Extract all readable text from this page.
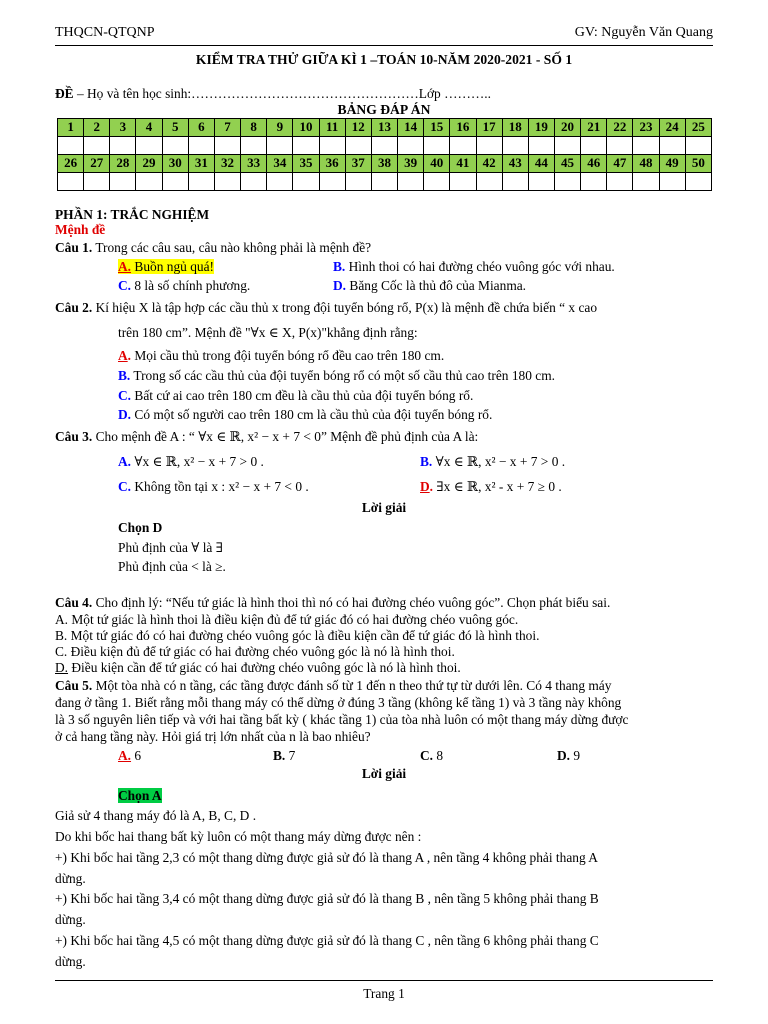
THQCN-QTQNP	GV: Nguyễn Văn Quang
KIỂM TRA THỬ GIỮA KÌ 1 –TOÁN 10-NĂM 2020-2021 - SỐ 1
ĐỀ – Họ và tên học sinh:……………………………………………Lớp ………..
BẢNG ĐÁP ÁN
1	2	3	4	5	6	7	8	9	10	11	12	13	14	15	16	17	18	19	20	21	22	23	24	25

26	27	28	29	30	31	32	33	34	35	36	37	38	39	40	41	42	43	44	45	46	47	48	49	50

PHẦN 1: TRẮC NGHIỆM
Mệnh đề
Câu 1. Trong các câu sau, câu nào không phải là mệnh đề?
A. Buồn ngủ quá!	B. Hình thoi có hai đường chéo vuông góc với nhau.
C. 8 là số chính phương.	D. Băng Cốc là thủ đô của Mianma.
Câu 2. Kí hiệu X là tập hợp các cầu thủ x trong đội tuyển bóng rổ, P(x) là mệnh đề chứa biến “ x cao
trên 180 cm”. Mệnh đề "∀x ∈ X, P(x)"khẳng định rằng:
A. Mọi cầu thủ trong đội tuyển bóng rổ đều cao trên 180 cm.
B. Trong số các cầu thủ của đội tuyển bóng rổ có một số cầu thủ cao trên 180 cm.
C. Bất cứ ai cao trên 180 cm đều là cầu thủ của đội tuyển bóng rổ.
D. Có một số người cao trên 180 cm là cầu thủ của đội tuyển bóng rổ.
Câu 3. Cho mệnh đề A : “ ∀x ∈ ℝ, x² − x + 7 < 0” Mệnh đề phủ định của A là:
A. ∀x ∈ ℝ, x² − x + 7 > 0 .	B. ∀x ∈ ℝ, x² − x + 7 > 0 .
C. Không tồn tại x : x² − x + 7 < 0 .	D. ∃x ∈ ℝ, x² - x + 7 ≥ 0 .
Lời giải
Chọn D
Phủ định của ∀ là ∃
Phủ định của < là ≥.
Câu 4. Cho định lý: “Nếu tứ giác là hình thoi thì nó có hai đường chéo vuông góc”. Chọn phát biểu sai.
A. Một tứ giác là hình thoi là điều kiện đủ để tứ giác đó có hai đường chéo vuông góc.
B. Một tứ giác đó có hai đường chéo vuông góc là điều kiện cần để tứ giác đó là hình thoi.
C. Điều kiện đủ để tứ giác có hai đường chéo vuông góc là nó là hình thoi.
D. Điều kiện cần để tứ giác có hai đường chéo vuông góc là nó là hình thoi.
Câu 5. Một tòa nhà có n tầng, các tầng được đánh số từ 1 đến n theo thứ tự từ dưới lên. Có 4 thang máy
đang ở tầng 1. Biết rằng mỗi thang máy có thể dừng ở đúng 3 tầng (không kể tầng 1) và 3 tầng này không
là 3 số nguyên liên tiếp và với hai tầng bất kỳ ( khác tầng 1) của tòa nhà luôn có một thang máy dừng được
ở cả hang tầng này. Hỏi giá trị lớn nhất của n là bao nhiêu?
A. 6	B. 7	C. 8	D. 9
Lời giải
Chọn A
Giả sử 4 thang máy đó là A, B, C, D .
Do khi bốc hai thang bất kỳ luôn có một thang máy dừng được nên :
+) Khi bốc hai tầng 2,3 có một thang dừng được giả sử đó là thang A , nên tầng 4 không phải thang A
dừng.
+) Khi bốc hai tầng 3,4 có một thang dừng được giả sử đó là thang B , nên tầng 5 không phải thang B
dừng.
+) Khi bốc hai tầng 4,5 có một thang dừng được giả sử đó là thang C , nên tầng 6 không phải thang C
dừng.
Trang 1
